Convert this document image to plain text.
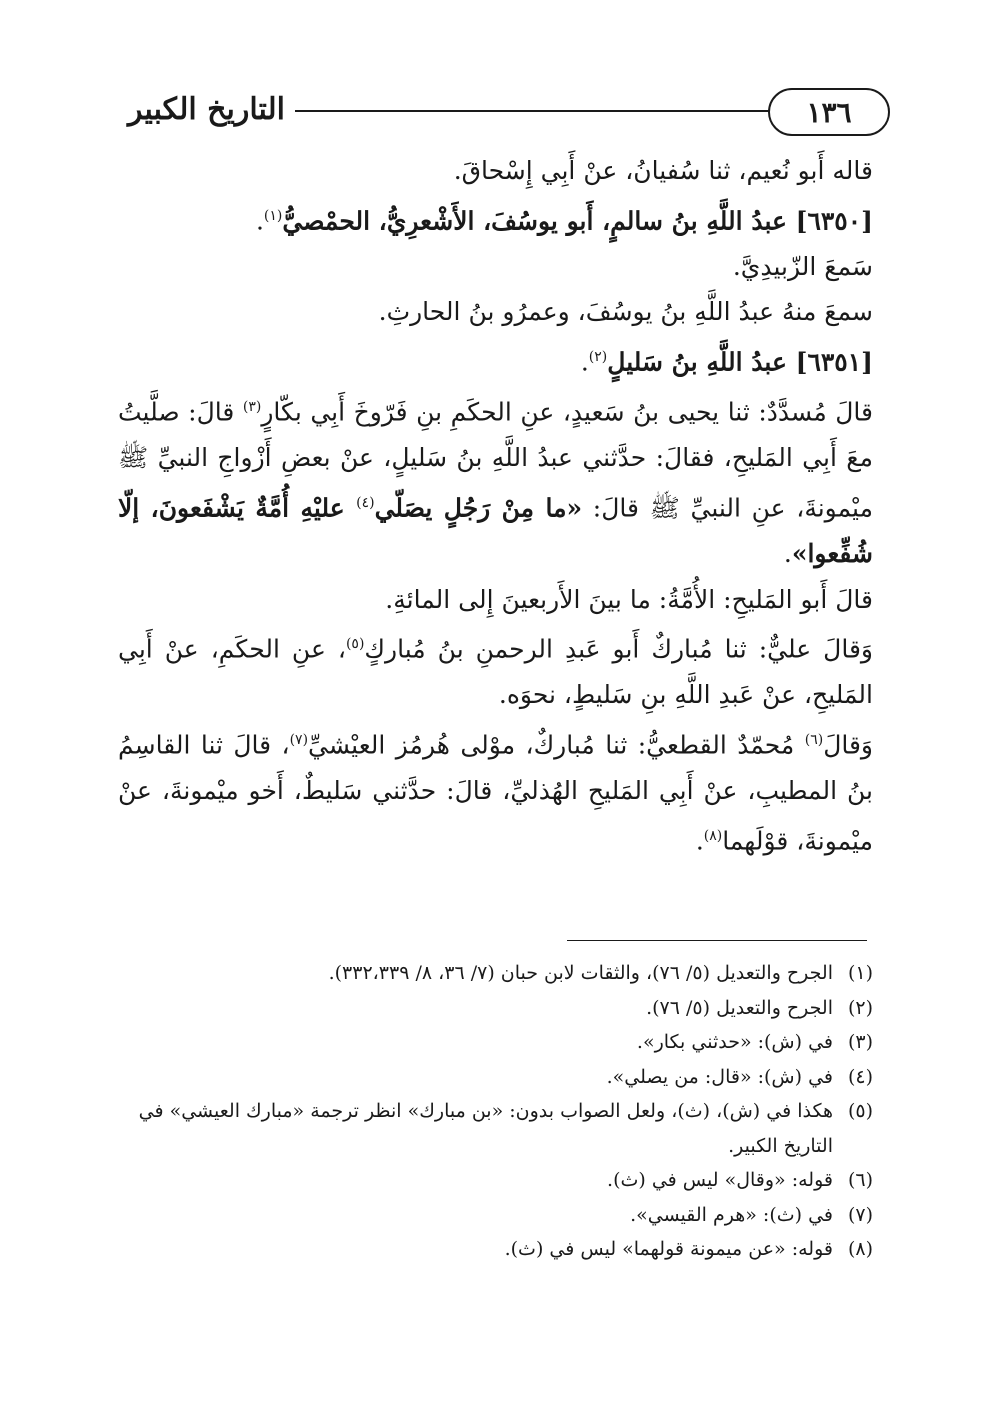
١٣٦
التاريخ الكبير

قاله أَبو نُعيم، ثنا سُفيانُ، عنْ أَبِي إِسْحاقَ.

[٦٣٥٠] عبدُ اللَّهِ بنُ سالمٍ، أَبو يوسُفَ، الأَشْعرِيُّ، الحمْصيُّ$^{(١)}$.

سَمعَ الزّبيدِيَّ.

سمعَ منهُ عبدُ اللَّهِ بنُ يوسُفَ، وعمرُو بنُ الحارثِ.

[٦٣٥١] عبدُ اللَّهِ بنُ سَليلٍ$^{(٢)}$.

قالَ مُسدَّدٌ: ثنا يحيى بنُ سَعيدٍ، عنِ الحكَمِ بنِ فَرّوخَ أَبِي بكّارٍ$^{(٣)}$ قالَ: صلَّيتُ معَ أَبِي المَليحِ، فقالَ: حدَّثني عبدُ اللَّهِ بنُ سَليلٍ، عنْ بعضِ أَزْواجِ النبيِّ ﷺ ميْمونةَ، عنِ النبيِّ ﷺ قالَ: «ما مِنْ رَجُلٍ يصَلّي$^{(٤)}$ عليْهِ أُمَّةٌ يَشْفَعونَ، إلّا شُفِّعوا».

قالَ أَبو المَليحِ: الأُمَّةُ: ما بينَ الأَربعينَ إِلى المائةِ.

وَقالَ عليٌّ: ثنا مُباركٌ أَبو عَبدِ الرحمنِ بنُ مُباركٍ$^{(٥)}$، عنِ الحكَمِ، عنْ أَبِي المَليحِ، عنْ عَبدِ اللَّهِ بنِ سَليطٍ، نحوَه.

وَقالَ$^{(٦)}$ مُحمّدٌ القطعيُّ: ثنا مُباركٌ، موْلى هُرمُز العيْشيِّ$^{(٧)}$، قالَ ثنا القاسِمُ بنُ المطيبِ، عنْ أَبِي المَليحِ الهُذليِّ، قالَ: حدَّثني سَليطٌ، أَخو ميْمونةَ، عنْ ميْمونةَ، قوْلَهما$^{(٨)}$.

(١)
الجرح والتعديل (٥/ ٧٦)، والثقات لابن حبان (٧/ ٣٦، ٨/ ٣٣٢،٣٣٩).

(٢)
الجرح والتعديل (٥/ ٧٦).

(٣)
في (ش): «حدثني بكار».

(٤)
في (ش): «قال: من يصلي».

(٥)
هكذا في (ش)، (ث)، ولعل الصواب بدون: «بن مبارك» انظر ترجمة «مبارك العيشي» في التاريخ الكبير.

(٦)
قوله: «وقال» ليس في (ث).

(٧)
في (ث): «هرم القيسي».

(٨)
قوله: «عن ميمونة قولهما» ليس في (ث).
